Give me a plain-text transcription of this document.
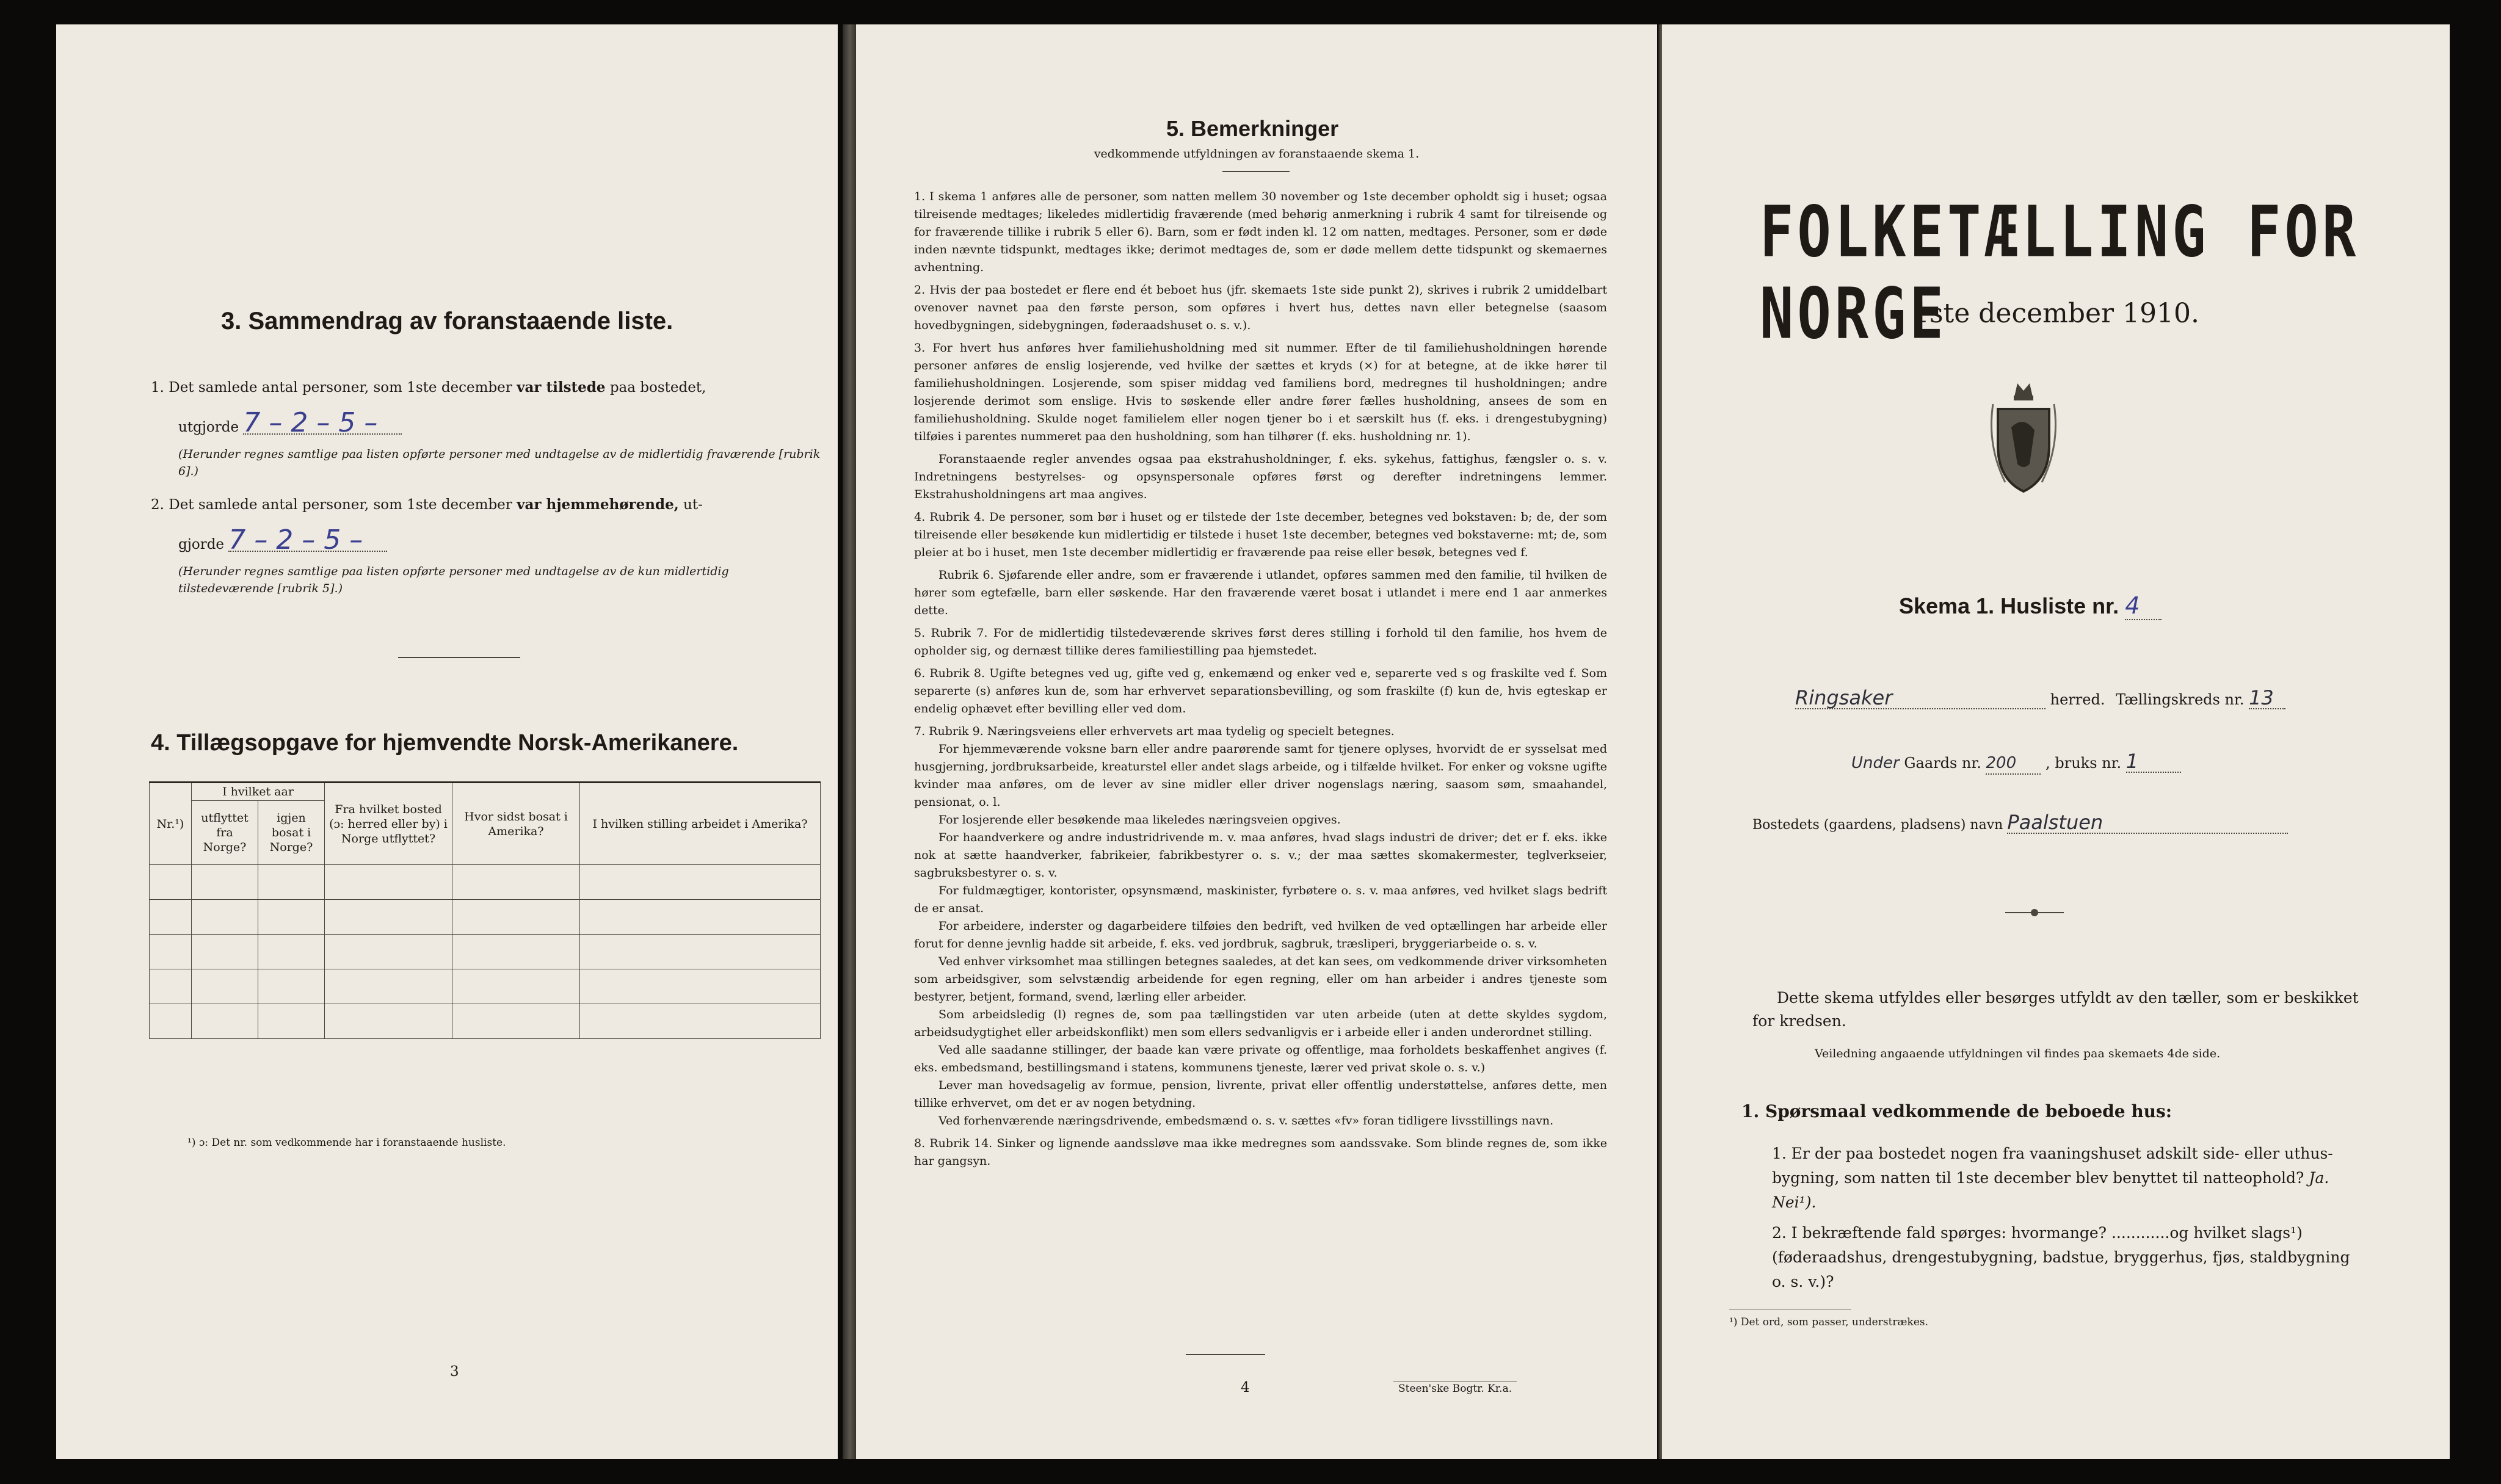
3. Sammendrag av foranstaaende liste.
1. Det samlede antal personer, som 1ste december var tilstede paa bostedet,
utgjorde 7 – 2 – 5 –
(Herunder regnes samtlige paa listen opførte personer med undtagelse av de midlertidig fraværende [rubrik 6].)
2. Det samlede antal personer, som 1ste december var hjemmehørende, ut-
gjorde 7 – 2 – 5 –
(Herunder regnes samtlige paa listen opførte personer med undtagelse av de kun midlertidig tilstedeværende [rubrik 5].)
4. Tillægsopgave for hjemvendte Norsk-Amerikanere.
Nr.¹)	I hvilket aar		Fra hvilket bosted (ɔ: herred eller by) i Norge utflyttet?	Hvor sidst bosat i Amerika?	I hvilken stilling arbeidet i Amerika?
	utflyttet fra Norge?	igjen bosat i Norge?			

¹) ɔ: Det nr. som vedkommende har i foranstaaende husliste.
3
5. Bemerkninger
vedkommende utfyldningen av foranstaaende skema 1.

1. I skema 1 anføres alle de personer, som natten mellem 30 november og 1ste december opholdt sig i huset; ogsaa tilreisende medtages; likeledes midlertidig fraværende (med behørig anmerkning i rubrik 4 samt for tilreisende og for fraværende tillike i rubrik 5 eller 6). Barn, som er født inden kl. 12 om natten, medtages. Personer, som er døde inden nævnte tidspunkt, medtages ikke; derimot medtages de, som er døde mellem dette tidspunkt og skemaernes avhentning.

2. Hvis der paa bostedet er flere end ét beboet hus (jfr. skemaets 1ste side punkt 2), skrives i rubrik 2 umiddelbart ovenover navnet paa den første person, som opføres i hvert hus, dettes navn eller betegnelse (saasom hovedbygningen, sidebygningen, føderaadshuset o. s. v.).

3. For hvert hus anføres hver familiehusholdning med sit nummer. Efter de til familiehusholdningen hørende personer anføres de enslig losjerende, ved hvilke der sættes et kryds (×) for at betegne, at de ikke hører til familiehusholdningen. Losjerende, som spiser middag ved familiens bord, medregnes til husholdningen; andre losjerende derimot som enslige. Hvis to søskende eller andre fører fælles husholdning, ansees de som en familiehusholdning. Skulde noget familielem eller nogen tjener bo i et særskilt hus (f. eks. i drengestubygning) tilføies i parentes nummeret paa den husholdning, som han tilhører (f. eks. husholdning nr. 1).

Foranstaaende regler anvendes ogsaa paa ekstrahusholdninger, f. eks. sykehus, fattighus, fængsler o. s. v. Indretningens bestyrelses- og opsynspersonale opføres først og derefter indretningens lemmer. Ekstrahusholdningens art maa angives.

4. Rubrik 4. De personer, som bør i huset og er tilstede der 1ste december, betegnes ved bokstaven: b; de, der som tilreisende eller besøkende kun midlertidig er tilstede i huset 1ste december, betegnes ved bokstaverne: mt; de, som pleier at bo i huset, men 1ste december midlertidig er fraværende paa reise eller besøk, betegnes ved f.

Rubrik 6. Sjøfarende eller andre, som er fraværende i utlandet, opføres sammen med den familie, til hvilken de hører som egtefælle, barn eller søskende. Har den fraværende været bosat i utlandet i mere end 1 aar anmerkes dette.

5. Rubrik 7. For de midlertidig tilstedeværende skrives først deres stilling i forhold til den familie, hos hvem de opholder sig, og dernæst tillike deres familiestilling paa hjemstedet.

6. Rubrik 8. Ugifte betegnes ved ug, gifte ved g, enkemænd og enker ved e, separerte ved s og fraskilte ved f. Som separerte (s) anføres kun de, som har erhvervet separationsbevilling, og som fraskilte (f) kun de, hvis egteskap er endelig ophævet efter bevilling eller ved dom.

7. Rubrik 9. Næringsveiens eller erhvervets art maa tydelig og specielt betegnes.

For hjemmeværende voksne barn eller andre paarørende samt for tjenere oplyses, hvorvidt de er sysselsat med husgjerning, jordbruksarbeide, kreaturstel eller andet slags arbeide, og i tilfælde hvilket. For enker og voksne ugifte kvinder maa anføres, om de lever av sine midler eller driver nogenslags næring, saasom søm, smaahandel, pensionat, o. l.

For losjerende eller besøkende maa likeledes næringsveien opgives.

For haandverkere og andre industridrivende m. v. maa anføres, hvad slags industri de driver; det er f. eks. ikke nok at sætte haandverker, fabrikeier, fabrikbestyrer o. s. v.; der maa sættes skomakermester, teglverkseier, sagbruksbestyrer o. s. v.

For fuldmægtiger, kontorister, opsynsmænd, maskinister, fyrbøtere o. s. v. maa anføres, ved hvilket slags bedrift de er ansat.

For arbeidere, inderster og dagarbeidere tilføies den bedrift, ved hvilken de ved optællingen har arbeide eller forut for denne jevnlig hadde sit arbeide, f. eks. ved jordbruk, sagbruk, træsliperi, bryggeriarbeide o. s. v.

Ved enhver virksomhet maa stillingen betegnes saaledes, at det kan sees, om vedkommende driver virksomheten som arbeidsgiver, som selvstændig arbeidende for egen regning, eller om han arbeider i andres tjeneste som bestyrer, betjent, formand, svend, lærling eller arbeider.

Som arbeidsledig (l) regnes de, som paa tællingstiden var uten arbeide (uten at dette skyldes sygdom, arbeidsudygtighet eller arbeidskonflikt) men som ellers sedvanligvis er i arbeide eller i anden underordnet stilling.

Ved alle saadanne stillinger, der baade kan være private og offentlige, maa forholdets beskaffenhet angives (f. eks. embedsmand, bestillingsmand i statens, kommunens tjeneste, lærer ved privat skole o. s. v.)

Lever man hovedsagelig av formue, pension, livrente, privat eller offentlig understøttelse, anføres dette, men tillike erhvervet, om det er av nogen betydning.

Ved forhenværende næringsdrivende, embedsmænd o. s. v. sættes «fv» foran tidligere livsstillings navn.

8. Rubrik 14. Sinker og lignende aandssløve maa ikke medregnes som aandssvake. Som blinde regnes de, som ikke har gangsyn.

4	Steen'ske Bogtr. Kr.a.
FOLKETÆLLING FOR NORGE
1ste december 1910.
Skema 1. Husliste nr. 4
Ringsaker	herred. Tællingskreds nr. 13
Under Gaards nr. 200 , bruks nr. 1
Bostedets (gaardens, pladsens) navn Paalstuen
Dette skema utfyldes eller besørges utfyldt av den tæller, som er beskikket for kredsen.
Veiledning angaaende utfyldningen vil findes paa skemaets 4de side.
1. Spørsmaal vedkommende de beboede hus:
1. Er der paa bostedet nogen fra vaaningshuset adskilt side- eller uthus-bygning, som natten til 1ste december blev benyttet til natteophold? Ja. Nei¹).
2. I bekræftende fald spørges: hvormange? ............og hvilket slags¹) (føderaadshus, drengestubygning, badstue, bryggerhus, fjøs, staldbygning o. s. v.)?
¹) Det ord, som passer, understrækes.
